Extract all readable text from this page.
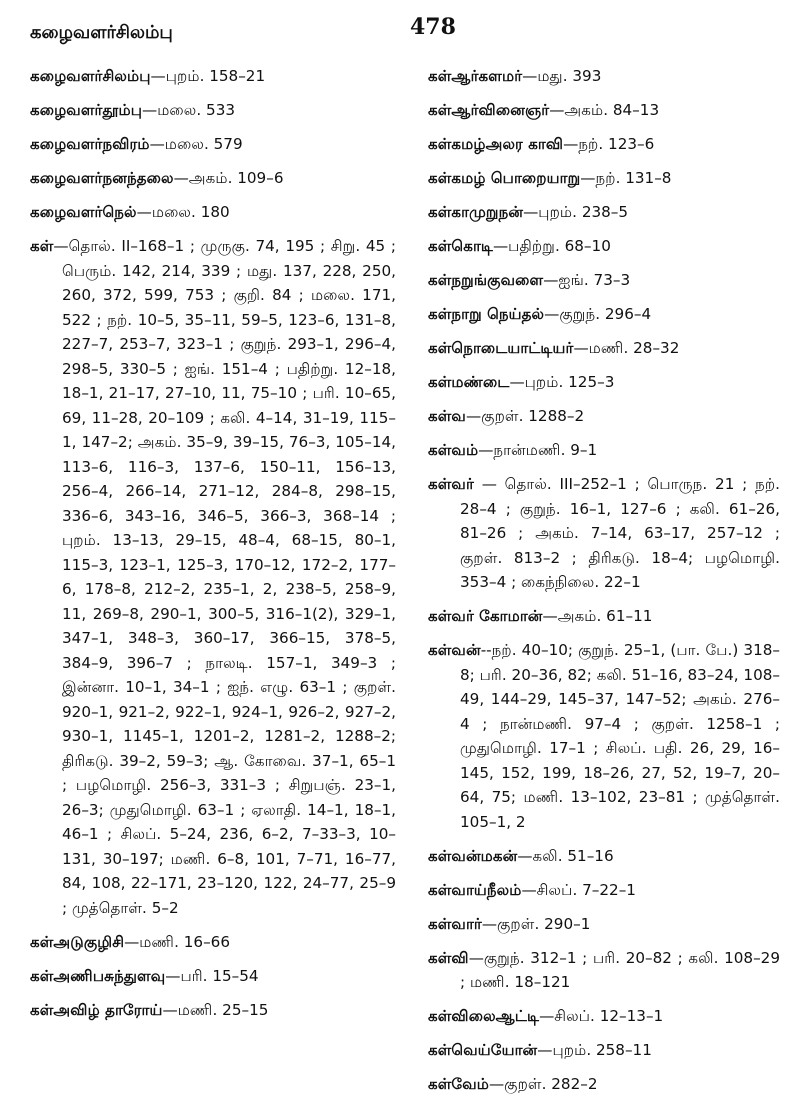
கழைவளர்சிலம்பு	478
கழைவளர்சிலம்பு—புறம். 158–21
கழைவளர்தூம்பு—மலை. 533
கழைவளர்நவிரம்—மலை. 579
கழைவளர்நனந்தலை—அகம். 109–6
கழைவளர்நெல்—மலை. 180
கள்—தொல். II–168–1 ; முருகு. 74, 195 ; சிறு. 45 ; பெரும். 142, 214, 339 ; மது. 137, 228, 250, 260, 372, 599, 753 ; குறி. 84 ; மலை. 171, 522 ; நற். 10–5, 35–11, 59–5, 123–6, 131–8, 227–7, 253–7, 323–1 ; குறுந். 293–1, 296–4, 298–5, 330–5 ; ஐங். 151–4 ; பதிற்று. 12–18, 18–1, 21–17, 27–10, 11, 75–10 ; பரி. 10–65, 69, 11–28, 20–109 ; கலி. 4–14, 31–19, 115–1, 147–2; அகம். 35–9, 39–15, 76–3, 105–14, 113–6, 116–3, 137–6, 150–11, 156–13, 256–4, 266–14, 271–12, 284–8, 298–15, 336–6, 343–16, 346–5, 366–3, 368–14 ; புறம். 13–13, 29–15, 48–4, 68–15, 80–1, 115–3, 123–1, 125–3, 170–12, 172–2, 177–6, 178–8, 212–2, 235–1, 2, 238–5, 258–9, 11, 269–8, 290–1, 300–5, 316–1(2), 329–1, 347–1, 348–3, 360–17, 366–15, 378–5, 384–9, 396–7 ; நாலடி. 157–1, 349–3 ; இன்னா. 10–1, 34–1 ; ஐந். எழு. 63–1 ; குறள். 920–1, 921–2, 922–1, 924–1, 926–2, 927–2, 930–1, 1145–1, 1201–2, 1281–2, 1288–2; திரிகடு. 39–2, 59–3; ஆ. கோவை. 37–1, 65–1 ; பழமொழி. 256–3, 331–3 ; சிறுபஞ். 23–1, 26–3; முதுமொழி. 63–1 ; ஏலாதி. 14–1, 18–1, 46–1 ; சிலப். 5–24, 236, 6–2, 7–33–3, 10–131, 30–197; மணி. 6–8, 101, 7–71, 16–77, 84, 108, 22–171, 23–120, 122, 24–77, 25–9 ; முத்தொள். 5–2
கள்அடுகுழிசி—மணி. 16–66
கள்அணிபசுந்துளவு—பரி. 15–54
கள்அவிழ் தாரோய்—மணி. 25–15
கள்ஆர்களமர்—மது. 393
கள்ஆர்வினைஞர்—அகம். 84–13
கள்கமழ்அலர காவி—நற். 123–6
கள்கமழ் பொறையாறு—நற். 131–8
கள்காமுறுநன்—புறம். 238–5
கள்கொடி—பதிற்று. 68–10
கள்நறுங்குவளை—ஐங். 73–3
கள்நாறு நெய்தல்—குறுந். 296–4
கள்நொடையாட்டியர்—மணி. 28–32
கள்மண்டை—புறம். 125–3
கள்வ—குறள். 1288–2
கள்வம்—நான்மணி. 9–1
கள்வர் — தொல். III–252–1 ; பொருந. 21 ; நற். 28–4 ; குறுந். 16–1, 127–6 ; கலி. 61–26, 81–26 ; அகம். 7–14, 63–17, 257–12 ; குறள். 813–2 ; திரிகடு. 18–4; பழமொழி. 353–4 ; கைந்நிலை. 22–1
கள்வர் கோமான்—அகம். 61–11
கள்வன்--நற். 40–10; குறுந். 25–1, (பா. பே.) 318–8; பரி. 20–36, 82; கலி. 51–16, 83–24, 108–49, 144–29, 145–37, 147–52; அகம். 276–4 ; நான்மணி. 97–4 ; குறள். 1258–1 ; முதுமொழி. 17–1 ; சிலப். பதி. 26, 29, 16–145, 152, 199, 18–26, 27, 52, 19–7, 20–64, 75; மணி. 13–102, 23–81 ; முத்தொள். 105–1, 2
கள்வன்மகன்—கலி. 51–16
கள்வாய்நீலம்—சிலப். 7–22–1
கள்வார்—குறள். 290–1
கள்வி—குறுந். 312–1 ; பரி. 20–82 ; கலி. 108–29 ; மணி. 18–121
கள்விலைஆட்டி—சிலப். 12–13–1
கள்வெய்யோன்—புறம். 258–11
கள்வேம்—குறள். 282–2
